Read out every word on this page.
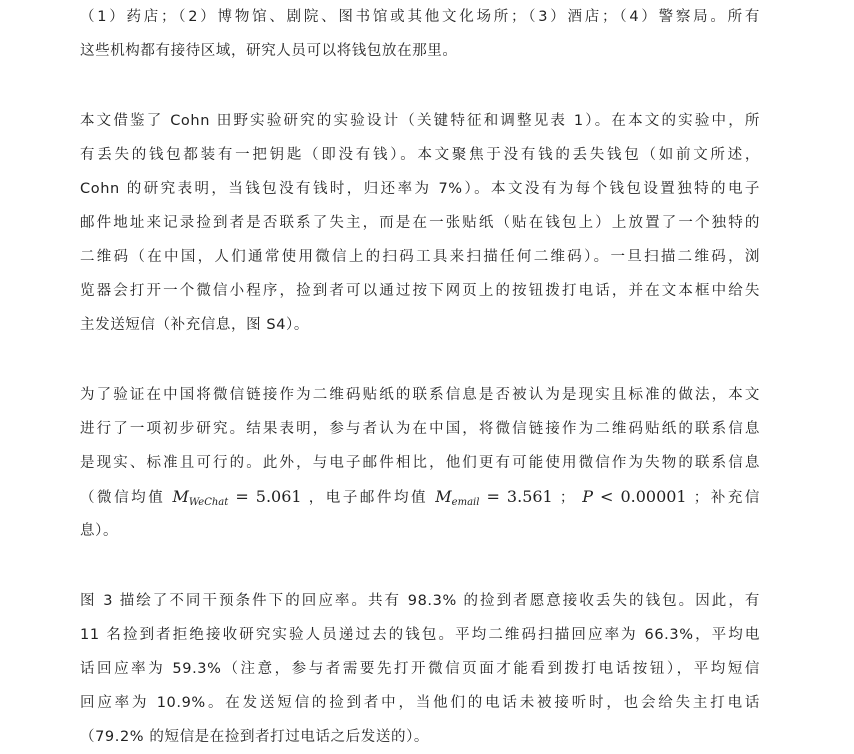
（1）药店；（2）博物馆、剧院、图书馆或其他文化场所；（3）酒店；（4）警察局。所有
这些机构都有接待区域，研究人员可以将钱包放在那里。
本文借鉴了 Cohn 田野实验研究的实验设计（关键特征和调整见表 1）。在本文的实验中，所
有丢失的钱包都装有一把钥匙（即没有钱）。本文聚焦于没有钱的丢失钱包（如前文所述，
Cohn 的研究表明，当钱包没有钱时，归还率为 7%）。本文没有为每个钱包设置独特的电子
邮件地址来记录捡到者是否联系了失主，而是在一张贴纸（贴在钱包上）上放置了一个独特的
二维码（在中国，人们通常使用微信上的扫码工具来扫描任何二维码）。一旦扫描二维码，浏
览器会打开一个微信小程序，捡到者可以通过按下网页上的按钮拨打电话，并在文本框中给失
主发送短信（补充信息，图 S4）。
为了验证在中国将微信链接作为二维码贴纸的联系信息是否被认为是现实且标准的做法，本文
进行了一项初步研究。结果表明，参与者认为在中国，将微信链接作为二维码贴纸的联系信息
是现实、标准且可行的。此外，与电子邮件相比，他们更有可能使用微信作为失物的联系信息
（微信均值 $M_{WeChat} = 5.061$ ，电子邮件均值 $M_{email} = 3.561$ ； P < 0.00001 ；补充信
息）。
图 3 描绘了不同干预条件下的回应率。共有 98.3% 的捡到者愿意接收丢失的钱包。因此，有
11 名捡到者拒绝接收研究实验人员递过去的钱包。平均二维码扫描回应率为 66.3%，平均电
话回应率为 59.3%（注意，参与者需要先打开微信页面才能看到拨打电话按钮），平均短信
回应率为 10.9%。在发送短信的捡到者中，当他们的电话未被接听时，也会给失主打电话
（79.2% 的短信是在捡到者打过电话之后发送的）。
